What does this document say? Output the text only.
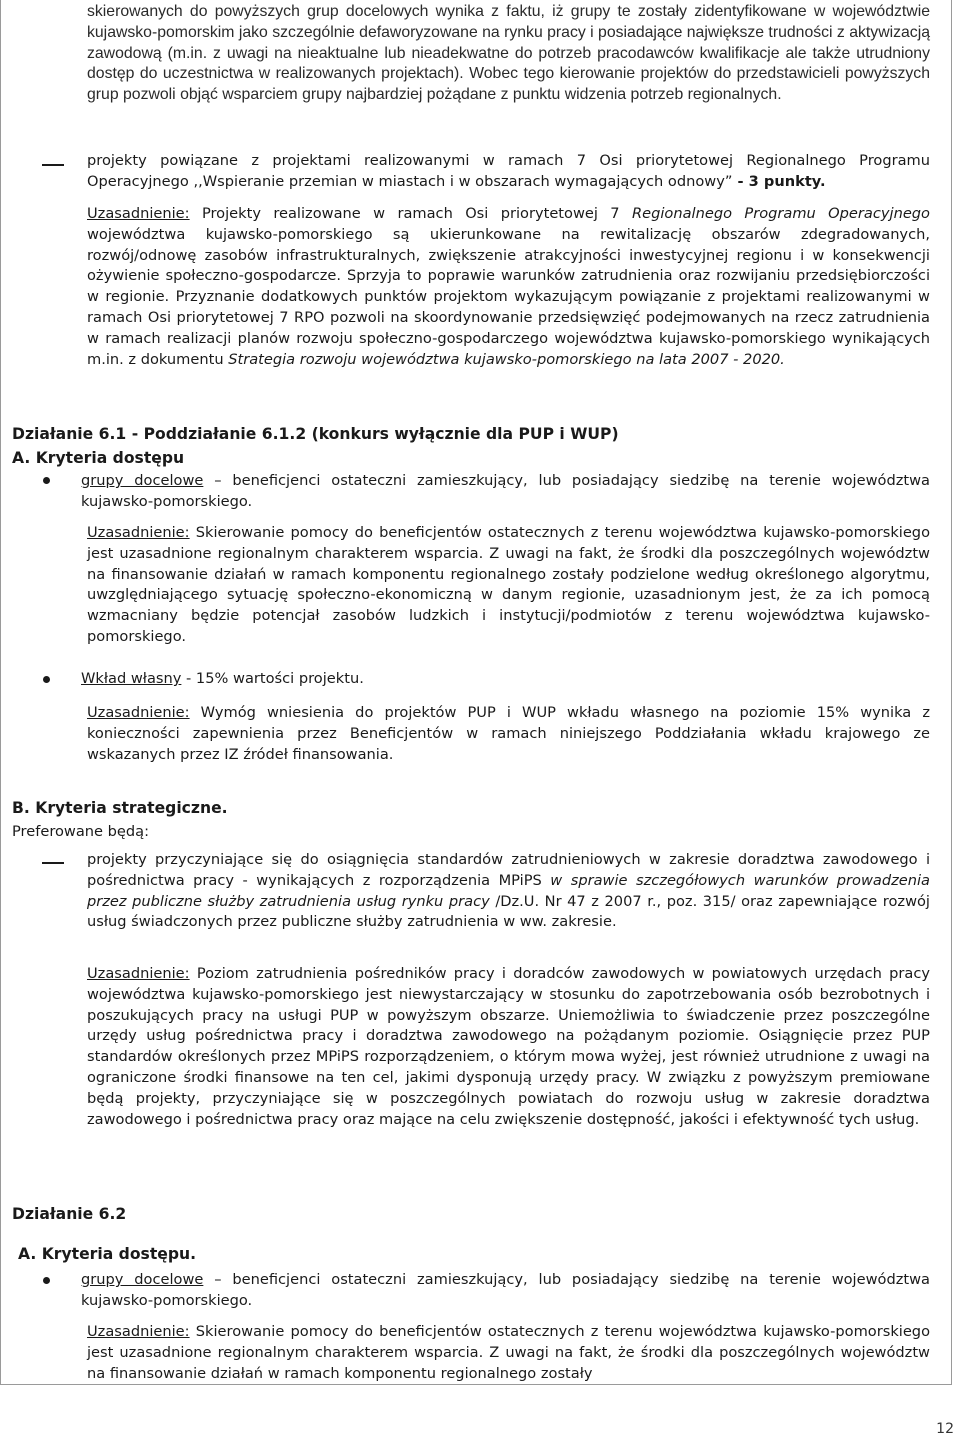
skierowanych do powyższych grup docelowych wynika z faktu, iż grupy te zostały zidentyfikowane w województwie kujawsko-pomorskim jako szczególnie defaworyzowane na rynku pracy i posiadające największe trudności z aktywizacją zawodową (m.in. z uwagi na nieaktualne lub nieadekwatne do potrzeb pracodawców kwalifikacje ale także utrudniony dostęp do uczestnictwa w realizowanych projektach). Wobec tego kierowanie projektów do przedstawicieli powyższych grup pozwoli objąć wsparciem grupy najbardziej pożądane z punktu widzenia potrzeb regionalnych.

projekty powiązane z projektami realizowanymi w ramach 7 Osi priorytetowej Regionalnego Programu Operacyjnego ,,Wspieranie przemian w miastach i w obszarach wymagających odnowy” - 3 punkty.

Uzasadnienie: Projekty realizowane w ramach Osi priorytetowej 7 Regionalnego Programu Operacyjnego województwa kujawsko-pomorskiego są ukierunkowane na rewitalizację obszarów zdegradowanych, rozwój/odnowę zasobów infrastrukturalnych, zwiększenie atrakcyjności inwestycyjnej regionu i w konsekwencji ożywienie społeczno-gospodarcze. Sprzyja to poprawie warunków zatrudnienia oraz rozwijaniu przedsiębiorczości w regionie. Przyznanie dodatkowych punktów projektom wykazującym powiązanie z projektami realizowanymi w ramach Osi priorytetowej 7 RPO pozwoli na skoordynowanie przedsięwzięć podejmowanych na rzecz zatrudnienia w ramach realizacji planów rozwoju społeczno-gospodarczego województwa kujawsko-pomorskiego wynikających m.in. z dokumentu Strategia rozwoju województwa kujawsko-pomorskiego na lata 2007 - 2020.

Działanie 6.1 - Poddziałanie 6.1.2 (konkurs wyłącznie dla PUP i WUP)

A. Kryteria dostępu

grupy docelowe – beneficjenci ostateczni zamieszkujący, lub posiadający siedzibę na terenie województwa kujawsko-pomorskiego.

Uzasadnienie: Skierowanie pomocy do beneficjentów ostatecznych z terenu województwa kujawsko-pomorskiego jest uzasadnione regionalnym charakterem wsparcia. Z uwagi na fakt, że środki dla poszczególnych województw na finansowanie działań w ramach komponentu regionalnego zostały podzielone według określonego algorytmu, uwzględniającego sytuację społeczno-ekonomiczną w danym regionie, uzasadnionym jest, że za ich pomocą wzmacniany będzie potencjał zasobów ludzkich i instytucji/podmiotów z terenu województwa kujawsko-pomorskiego.

Wkład własny - 15% wartości projektu.

Uzasadnienie: Wymóg wniesienia do projektów PUP i WUP wkładu własnego na poziomie 15% wynika z konieczności zapewnienia przez Beneficjentów w ramach niniejszego Poddziałania wkładu krajowego ze wskazanych przez IZ źródeł finansowania.

B. Kryteria strategiczne.

Preferowane będą:

projekty przyczyniające się do osiągnięcia standardów zatrudnieniowych w zakresie doradztwa zawodowego i pośrednictwa pracy - wynikających z rozporządzenia MPiPS w sprawie szczegółowych warunków prowadzenia przez publiczne służby zatrudnienia usług rynku pracy /Dz.U. Nr 47 z 2007 r., poz. 315/ oraz zapewniające rozwój usług świadczonych przez publiczne służby zatrudnienia w ww. zakresie.

Uzasadnienie: Poziom zatrudnienia pośredników pracy i doradców zawodowych w powiatowych urzędach pracy województwa kujawsko-pomorskiego jest niewystarczający w stosunku do zapotrzebowania osób bezrobotnych i poszukujących pracy na usługi PUP w powyższym obszarze. Uniemożliwia to świadczenie przez poszczególne urzędy usług pośrednictwa pracy i doradztwa zawodowego na pożądanym poziomie. Osiągnięcie przez PUP standardów określonych przez MPiPS rozporządzeniem, o którym mowa wyżej, jest również utrudnione z uwagi na ograniczone środki finansowe na ten cel, jakimi dysponują urzędy pracy. W związku z powyższym premiowane będą projekty, przyczyniające się w poszczególnych powiatach do rozwoju usług w zakresie doradztwa zawodowego i pośrednictwa pracy oraz mające na celu zwiększenie dostępność, jakości i efektywność tych usług.

Działanie 6.2

A. Kryteria dostępu.

grupy docelowe – beneficjenci ostateczni zamieszkujący, lub posiadający siedzibę na terenie województwa kujawsko-pomorskiego.

Uzasadnienie: Skierowanie pomocy do beneficjentów ostatecznych z terenu województwa kujawsko-pomorskiego jest uzasadnione regionalnym charakterem wsparcia. Z uwagi na fakt, że środki dla poszczególnych województw na finansowanie działań w ramach komponentu regionalnego zostały

12
